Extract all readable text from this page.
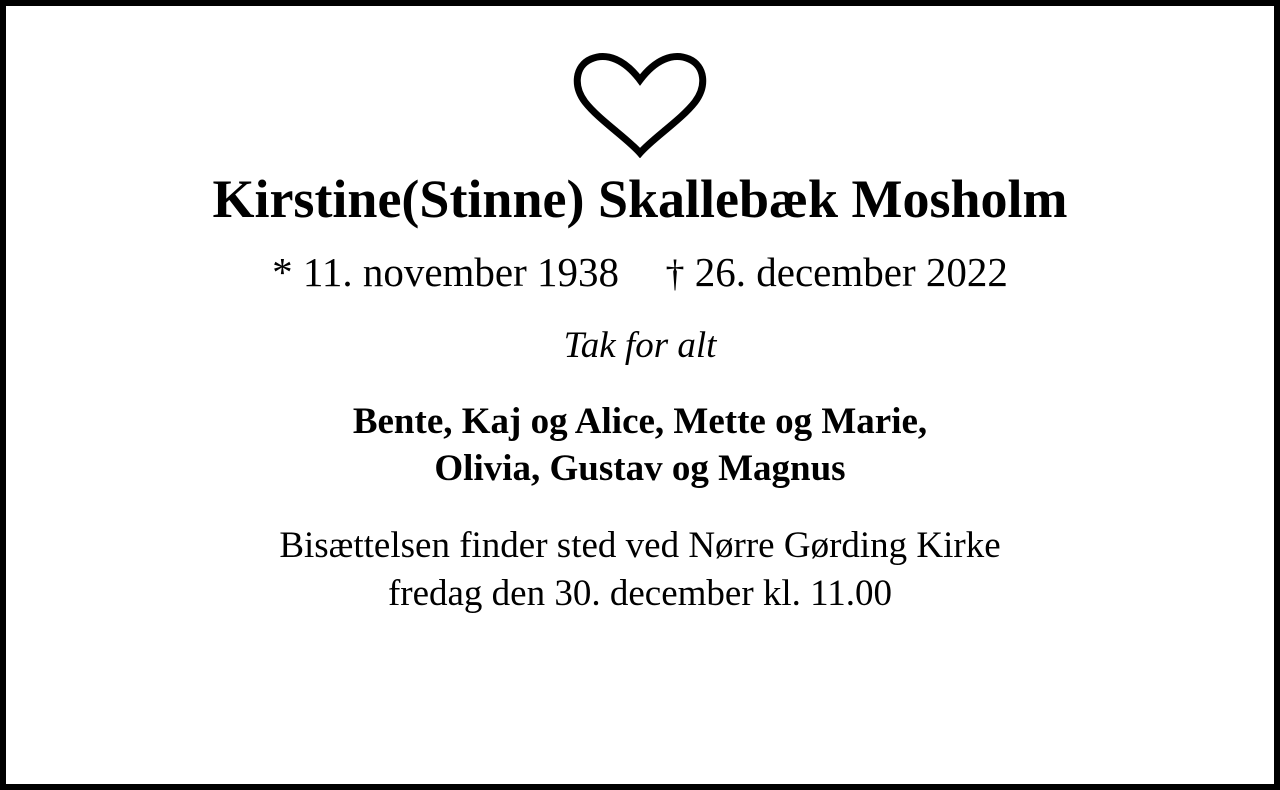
Kirstine(Stinne) Skallebæk Mosholm
* 11. november 1938 † 26. december 2022
Tak for alt
Bente, Kaj og Alice, Mette og Marie,
Olivia, Gustav og Magnus
Bisættelsen finder sted ved Nørre Gørding Kirke
fredag den 30. december kl. 11.00
